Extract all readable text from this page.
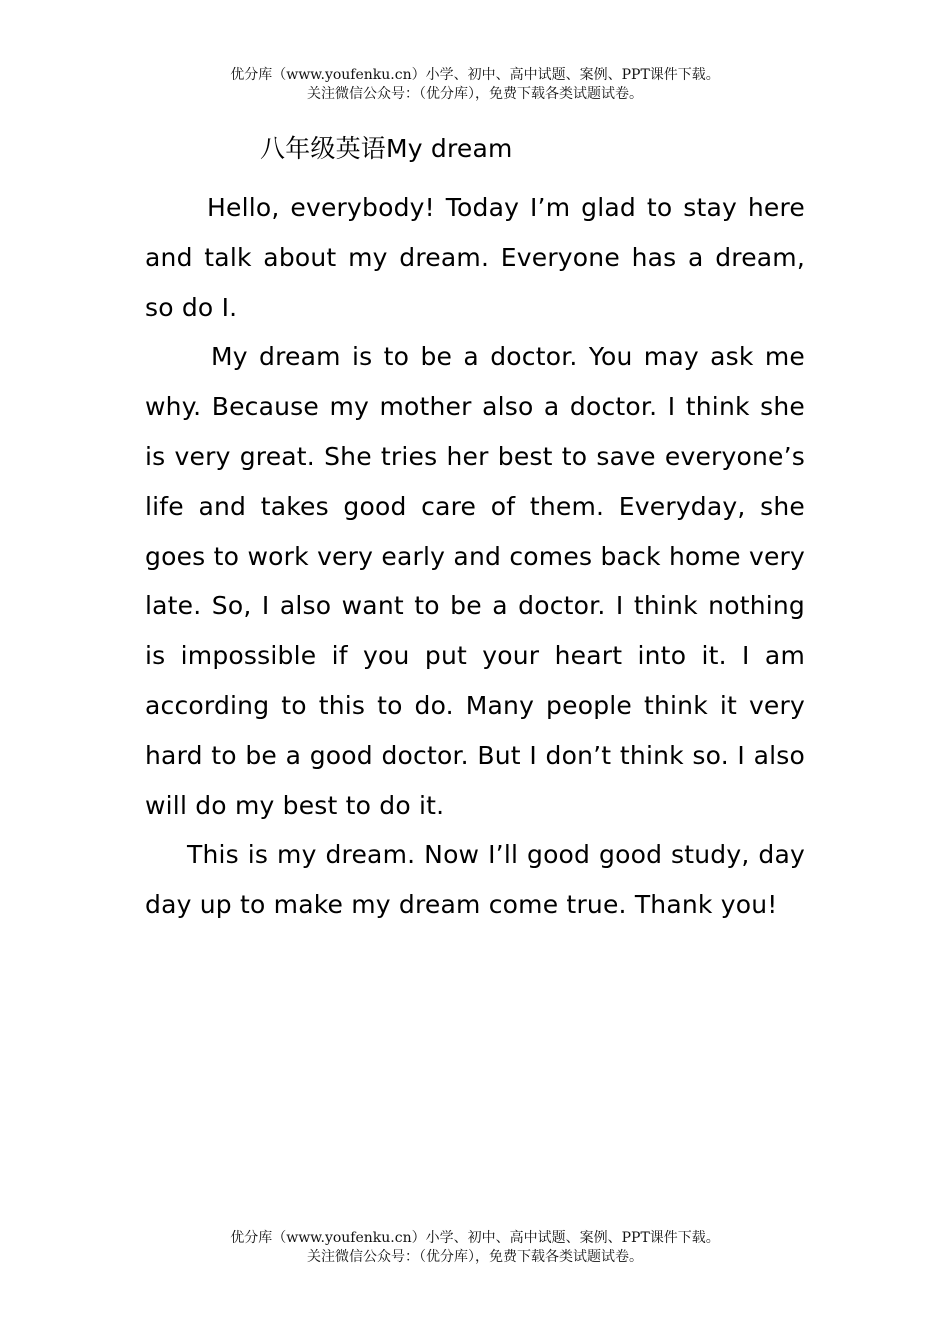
优分库（www.youfenku.cn）小学、初中、高中试题、案例、PPT课件下载。
关注微信公众号：（优分库），免费下载各类试题试卷。
八年级英语My dream

Hello, everybody! Today I’m glad to stay here and talk about my dream. Everyone has a dream, so do I.

My dream is to be a doctor. You may ask me why. Because my mother also a doctor. I think she is very great. She tries her best to save everyone’s life and takes good care of them. Everyday, she goes to work very early and comes back home very late. So, I also want to be a doctor. I think nothing is impossible if you put your heart into it. I am according to this to do. Many people think it very hard to be a good doctor. But I don’t think so. I also will do my best to do it.

This is my dream. Now I’ll good good study, day day up to make my dream come true. Thank you!

优分库（www.youfenku.cn）小学、初中、高中试题、案例、PPT课件下载。
关注微信公众号：（优分库），免费下载各类试题试卷。
